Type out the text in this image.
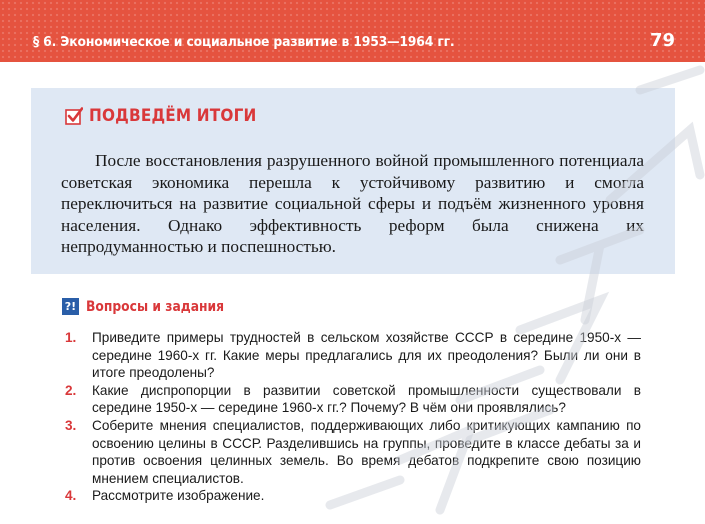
§ 6. Экономическое и социальное развитие в 1953—1964 гг.	79
ПОДВЕДЁМ ИТОГИ

После восстановления разрушенного войной промышленного потенциала советская экономика перешла к устойчивому развитию и смогла переключиться на развитие социальной сферы и подъём жизненного уровня населения. Однако эффективность реформ была снижена их непродуманностью и поспешностью.

?! Вопросы и задания
1. Приведите примеры трудностей в сельском хозяйстве СССР в середине 1950-х — середине 1960-х гг. Какие меры предлагались для их преодоления? Были ли они в итоге преодолены?
2. Какие диспропорции в развитии советской промышленности существовали в середине 1950-х — середине 1960-х гг.? Почему? В чём они проявлялись?
3. Соберите мнения специалистов, поддерживающих либо критикующих кампанию по освоению целины в СССР. Разделившись на группы, проведите в классе дебаты за и против освоения целинных земель. Во время дебатов подкрепите свою позицию мнением специалистов.
4. Рассмотрите изображение.
